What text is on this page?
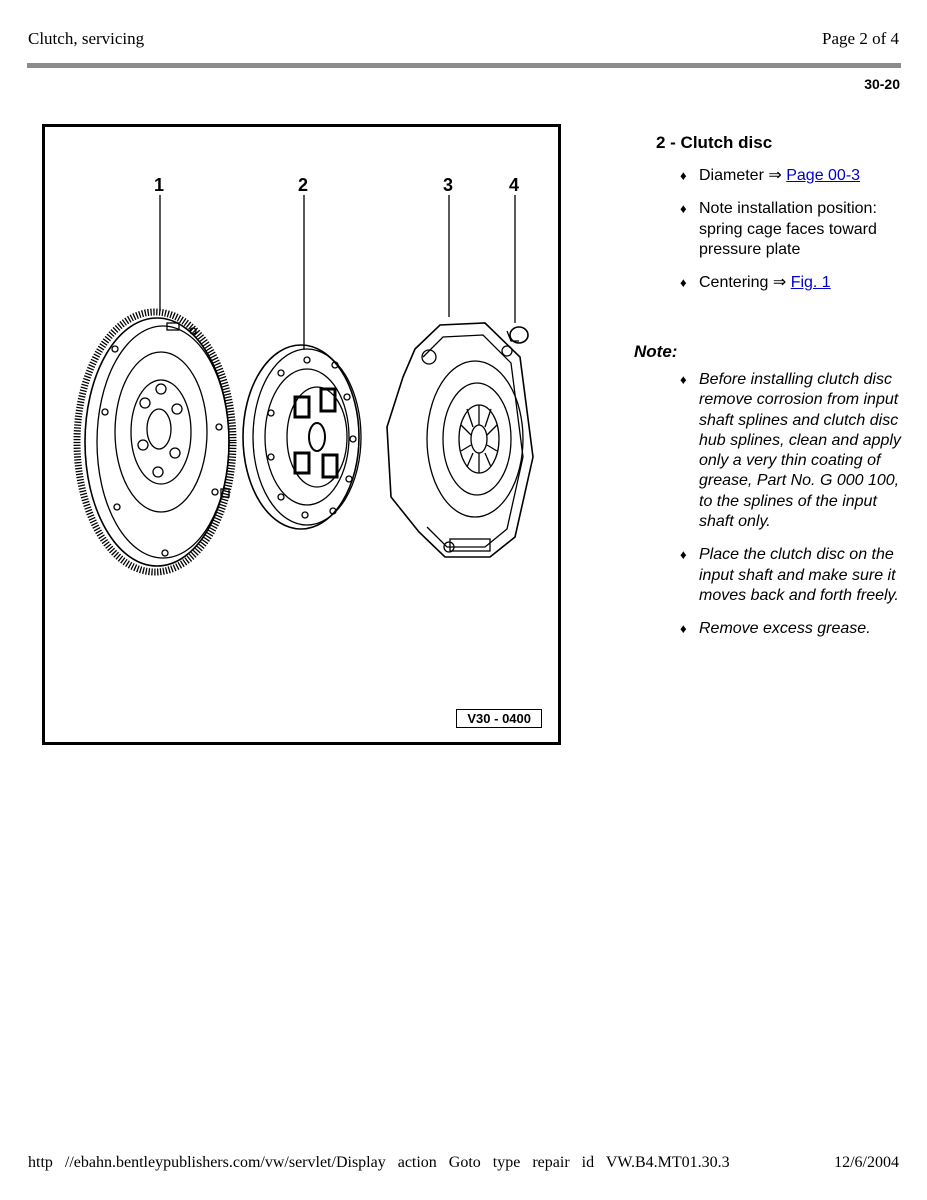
Clutch, servicing	Page 2 of 4
30-20
1	2	3	4
V30 - 0400
2 - Clutch disc
♦ Diameter ⇒ Page 00-3
♦ Note installation position: spring cage faces toward pressure plate
♦ Centering ⇒ Fig. 1
Note:
♦ Before installing clutch disc remove corrosion from input shaft splines and clutch disc hub splines, clean and apply only a very thin coating of grease, Part No. G 000 100, to the splines of the input shaft only.
♦ Place the clutch disc on the input shaft and make sure it moves back and forth freely.
♦ Remove excess grease.
http //ebahn.bentleypublishers.com/vw/servlet/Display action Goto type repair id VW.B4.MT01.30.3	12/6/2004
